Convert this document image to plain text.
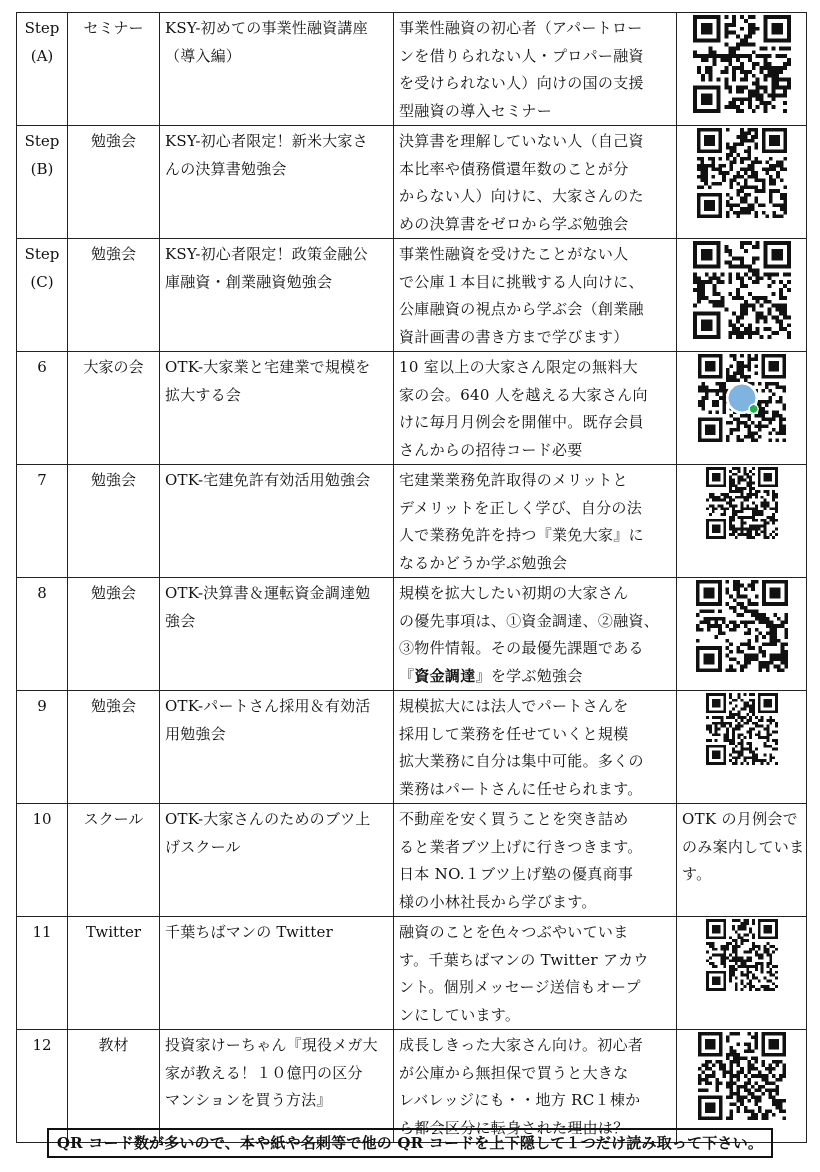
Step
(A)	セミナー	KSY-初めての事業性融資講座
（導入編）	事業性融資の初心者（アパートロー
ンを借りられない人・プロパー融資
を受けられない人）向けの国の支援
型融資の導入セミナー

Step
(B)	勉強会	KSY-初心者限定！新米大家さ
んの決算書勉強会	決算書を理解していない人（自己資
本比率や債務償還年数のことが分
からない人）向けに、大家さんのた
めの決算書をゼロから学ぶ勉強会

Step
(C)	勉強会	KSY-初心者限定！政策金融公
庫融資・創業融資勉強会	事業性融資を受けたことがない人
で公庫１本目に挑戦する人向けに、
公庫融資の視点から学ぶ会（創業融
資計画書の書き方まで学びます）

6	大家の会	OTK-大家業と宅建業で規模を
拡大する会	10 室以上の大家さん限定の無料大
家の会。640 人を越える大家さん向
けに毎月月例会を開催中。既存会員
さんからの招待コード必要

7	勉強会	OTK-宅建免許有効活用勉強会	宅建業業務免許取得のメリットと
デメリットを正しく学び、自分の法
人で業務免許を持つ『業免大家』に
なるかどうか学ぶ勉強会

8	勉強会	OTK-決算書＆運転資金調達勉
強会	規模を拡大したい初期の大家さん
の優先事項は、①資金調達、②融資、
③物件情報。その最優先課題である
『資金調達』を学ぶ勉強会

9	勉強会	OTK-パートさん採用＆有効活
用勉強会	規模拡大には法人でパートさんを
採用して業務を任せていくと規模
拡大業務に自分は集中可能。多くの
業務はパートさんに任せられます。

10	スクール	OTK-大家さんのためのブツ上
げスクール	不動産を安く買うことを突き詰め
ると業者ブツ上げに行きつきます。
日本 NO.１ブツ上げ塾の優真商事
様の小林社長から学びます。	OTK の月例会で
のみ案内していま
す。

11	Twitter	千葉ちばマンの Twitter	融資のことを色々つぶやいていま
す。千葉ちばマンの Twitter アカウ
ント。個別メッセージ送信もオープ
ンにしています。

12	教材	投資家けーちゃん『現役メガ大
家が教える！１０億円の区分
マンションを買う方法』	成長しきった大家さん向け。初心者
が公庫から無担保で買うと大きな
レバレッジにも・・地方 RC１棟か
ら都会区分に転身された理由は？

QR コード数が多いので、本や紙や名刺等で他の QR コードを上下隠して１つだけ読み取って下さい。
